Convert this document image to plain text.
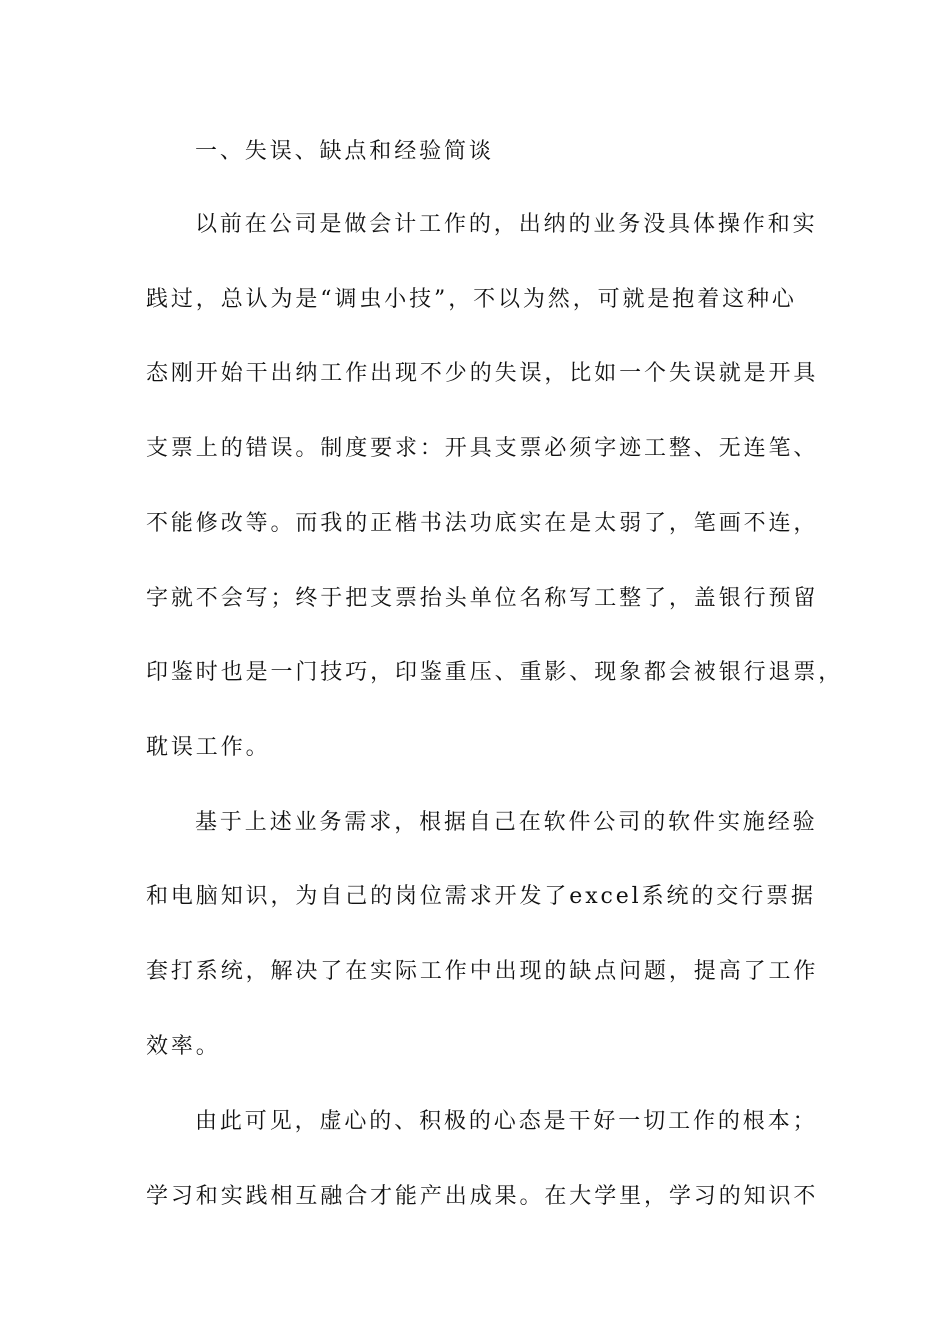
一、失误、缺点和经验简谈
以前在公司是做会计工作的，出纳的业务没具体操作和实
践过，总认为是“调虫小技”，不以为然，可就是抱着这种心
态刚开始干出纳工作出现不少的失误，比如一个失误就是开具
支票上的错误。制度要求：开具支票必须字迹工整、无连笔、
不能修改等。而我的正楷书法功底实在是太弱了，笔画不连，
字就不会写；终于把支票抬头单位名称写工整了，盖银行预留
印鉴时也是一门技巧，印鉴重压、重影、现象都会被银行退票，
耽误工作。
基于上述业务需求，根据自己在软件公司的软件实施经验
和电脑知识，为自己的岗位需求开发了excel系统的交行票据
套打系统，解决了在实际工作中出现的缺点问题，提高了工作
效率。
由此可见，虚心的、积极的心态是干好一切工作的根本；
学习和实践相互融合才能产出成果。在大学里，学习的知识不
